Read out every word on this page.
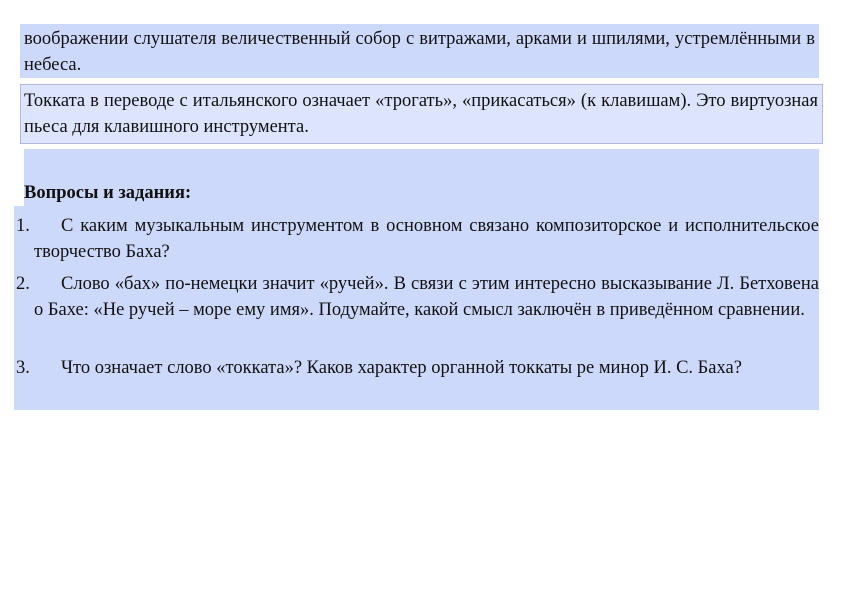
воображении слушателя величественный собор с витражами, арками и шпилями, устремлёнными в небеса.

Токката в переводе с итальянского означает «трогать», «прикасаться» (к клавишам). Это виртуозная пьеса для клавишного инструмента.

Вопросы и задания:
1.	С каким музыкальным инструментом в основном связано композиторское и исполнительское творчество Баха?

2.	Слово «бах» по-немецки значит «ручей». В связи с этим интересно высказывание Л. Бетховена о Бахе: «Не ручей – море ему имя». Подумайте, какой смысл заключён в приведённом сравнении.

3.	Что означает слово «токката»? Каков характер органной токкаты ре минор И. С. Баха?
